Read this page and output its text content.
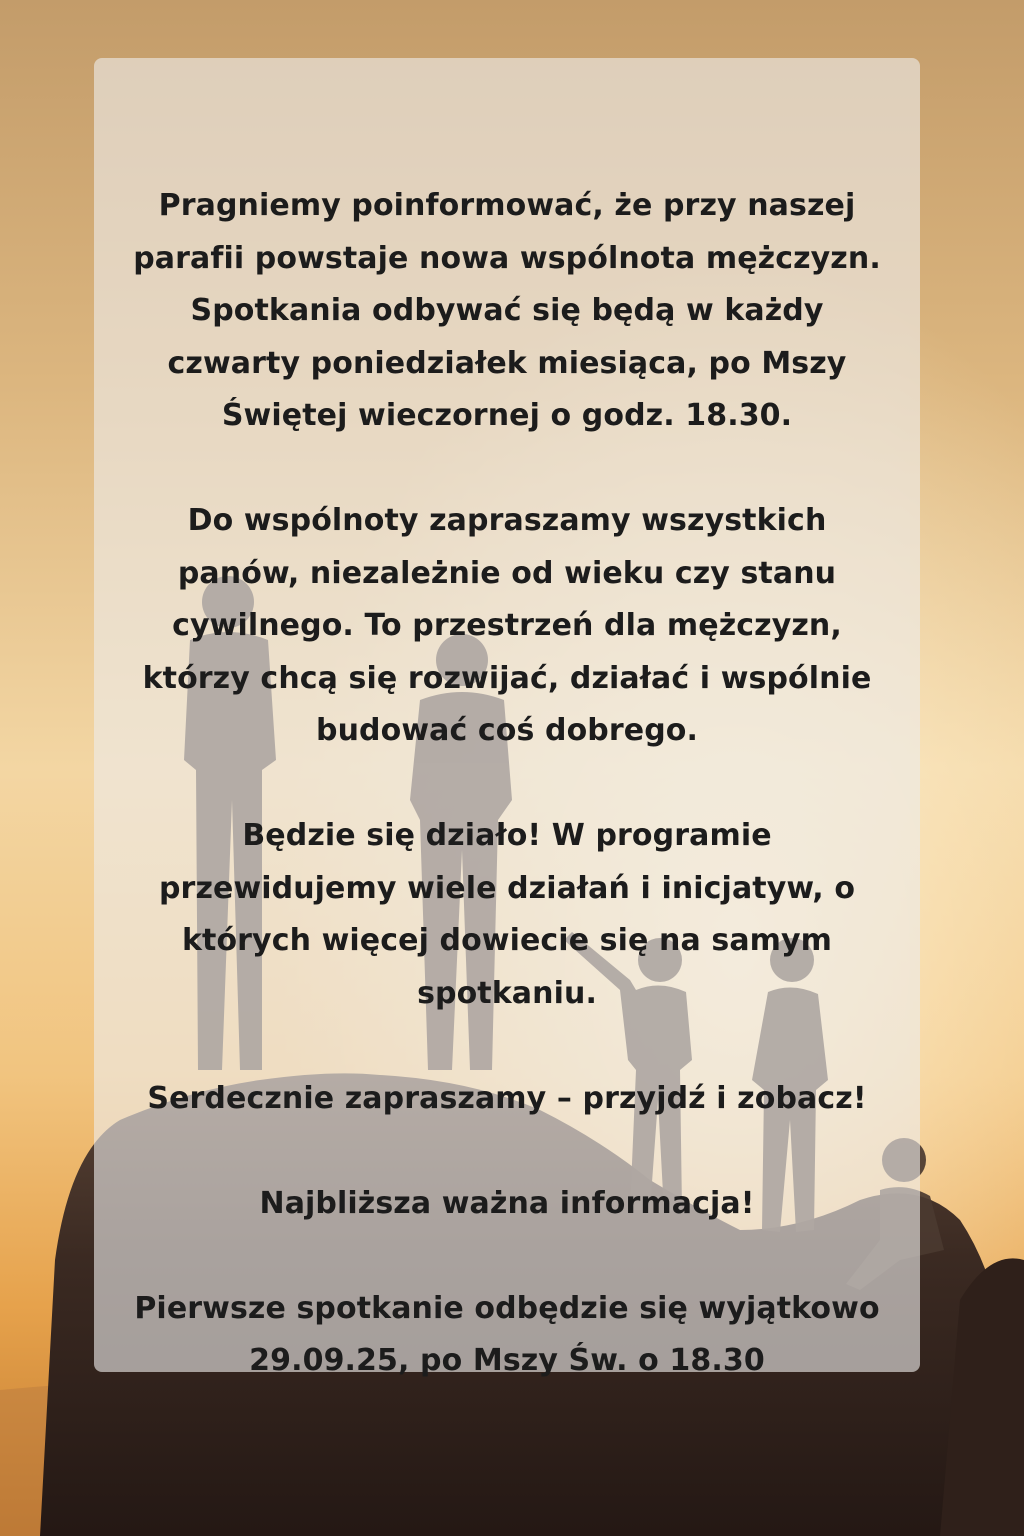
Pragniemy poinformować, że przy naszej
parafii powstaje nowa wspólnota mężczyzn.
Spotkania odbywać się będą w każdy
czwarty poniedziałek miesiąca, po Mszy
Świętej wieczornej o godz. 18.30.
Do wspólnoty zapraszamy wszystkich
panów, niezależnie od wieku czy stanu
cywilnego. To przestrzeń dla mężczyzn,
którzy chcą się rozwijać, działać i wspólnie
budować coś dobrego.
Będzie się działo! W programie
przewidujemy wiele działań i inicjatyw, o
których więcej dowiecie się na samym
spotkaniu.
Serdecznie zapraszamy – przyjdź i zobacz!
Najbliższa ważna informacja!
Pierwsze spotkanie odbędzie się wyjątkowo
29.09.25, po Mszy Św. o 18.30
